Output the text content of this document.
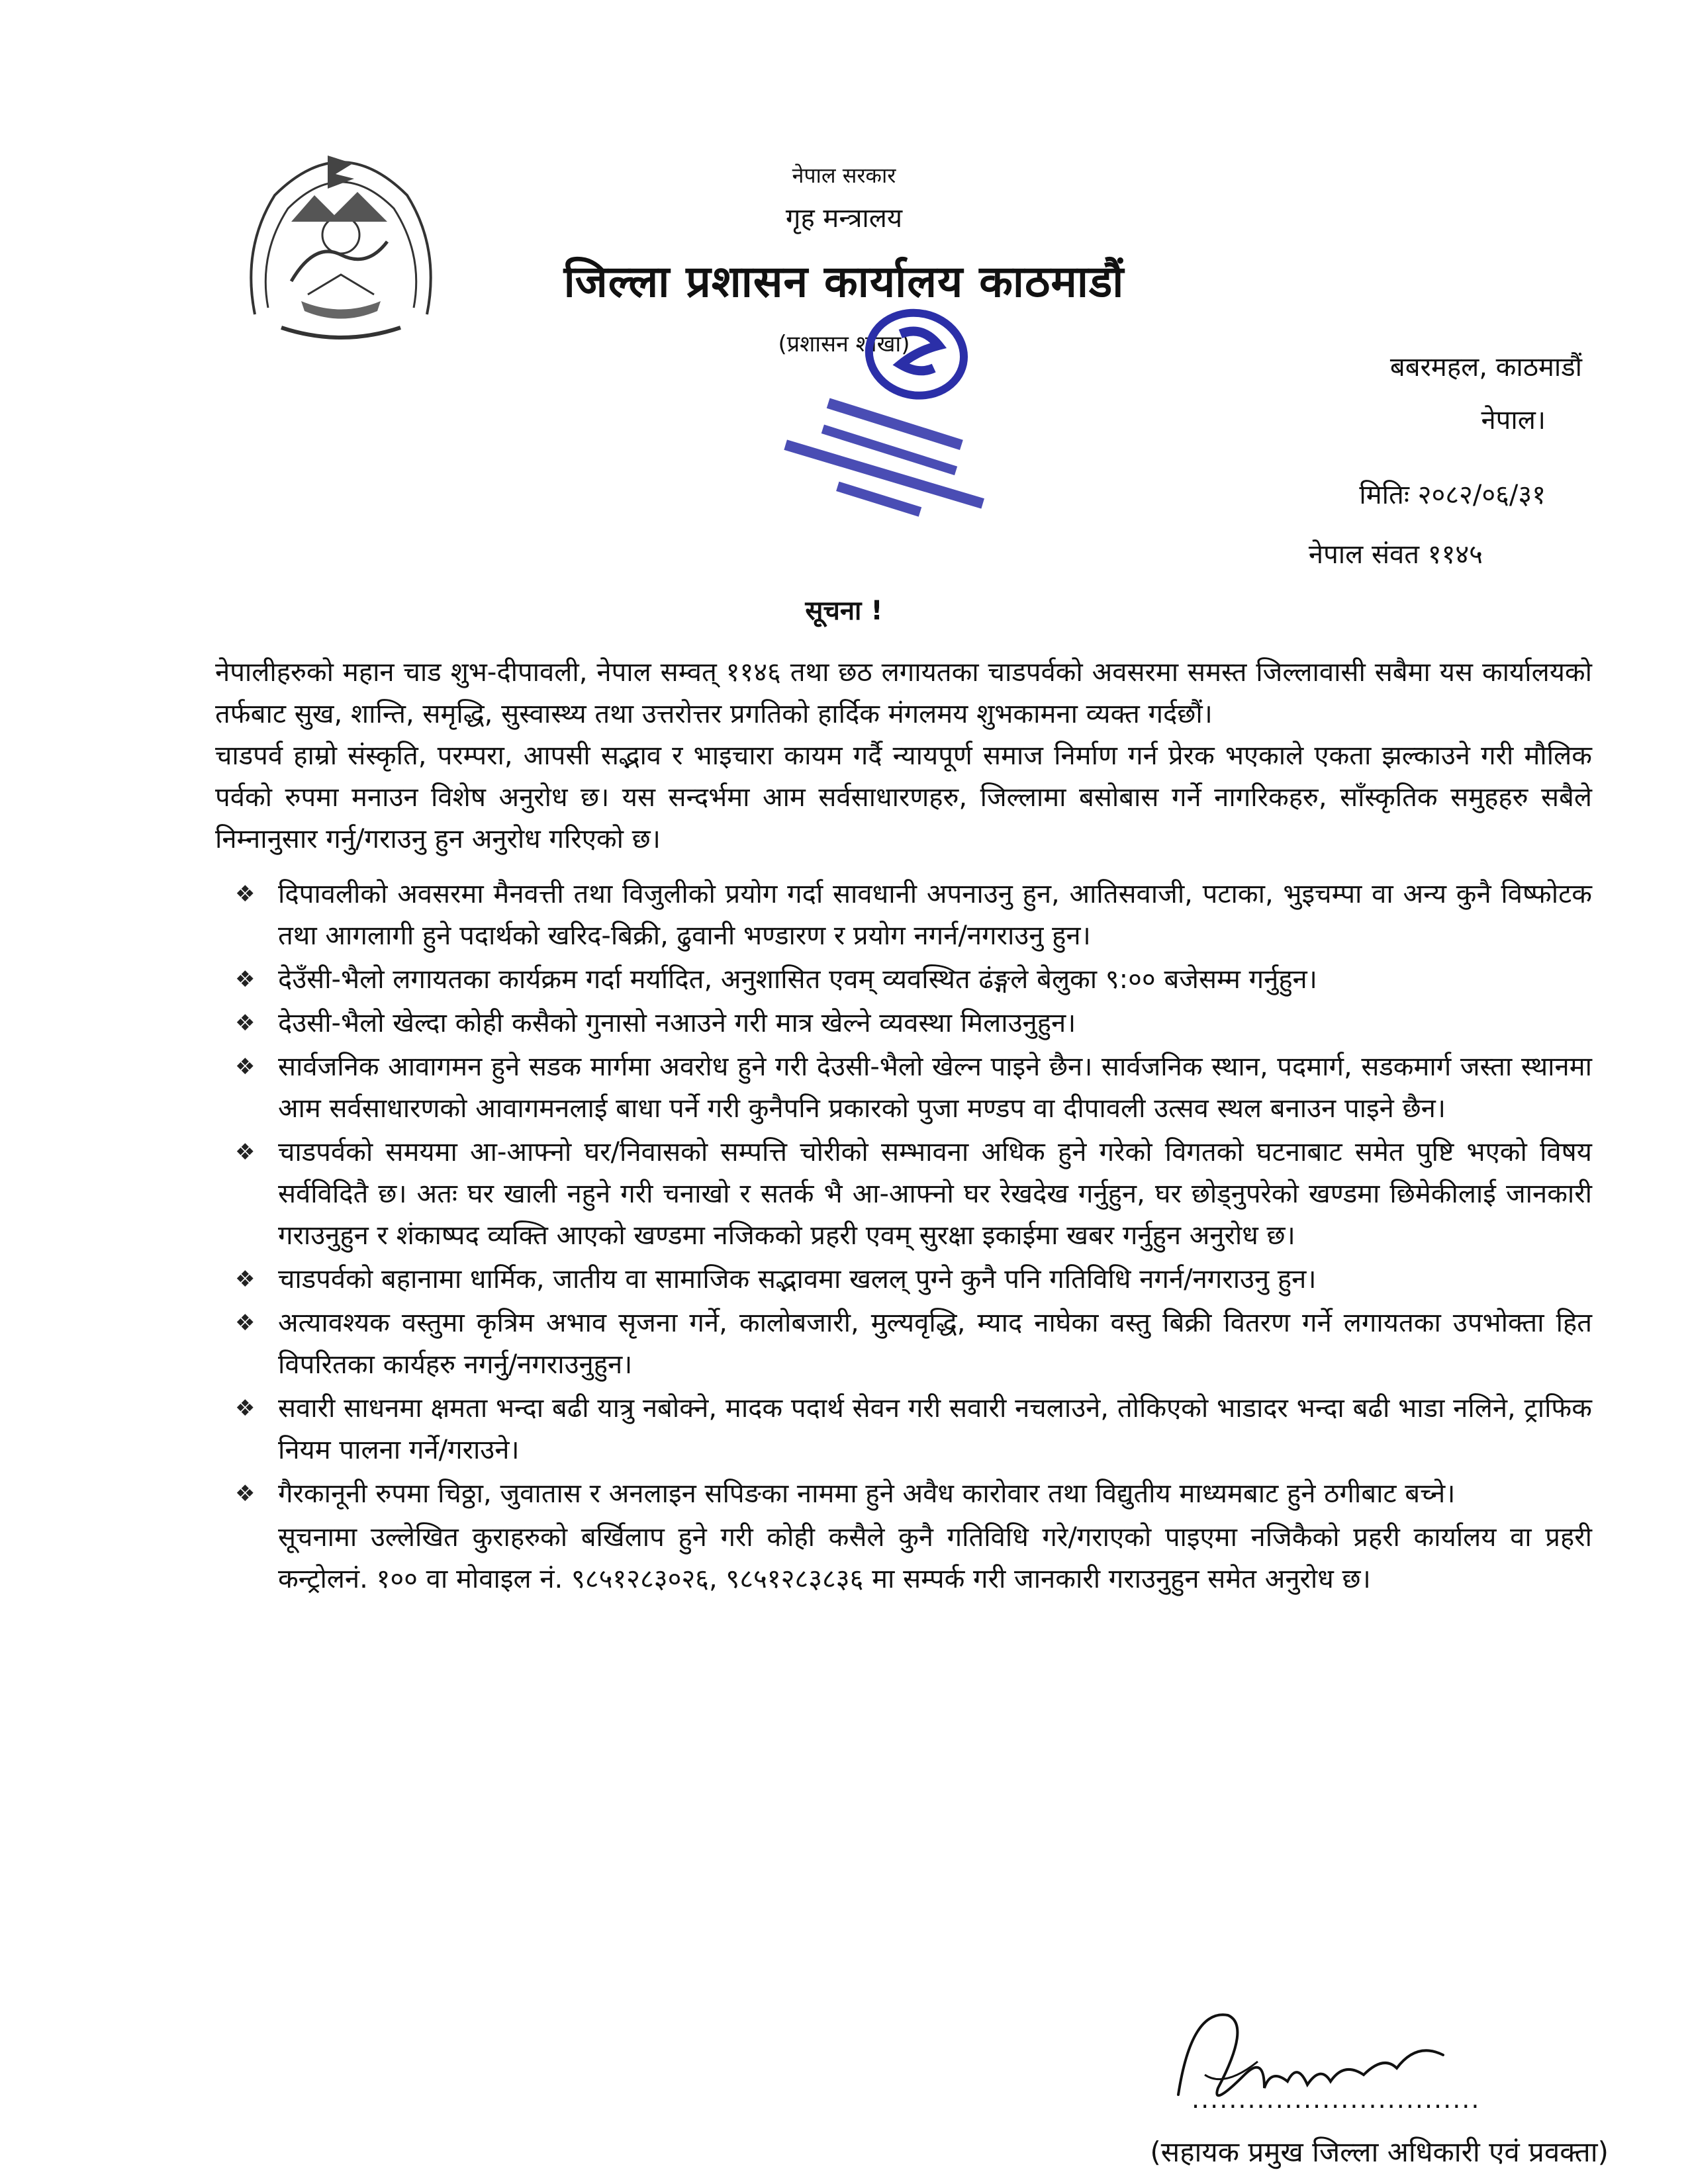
नेपाल सरकार
गृह मन्त्रालय
जिल्ला प्रशासन कार्यालय काठमाडौं
(प्रशासन शाखा)
बबरमहल, काठमाडौं
नेपाल।
मितिः २०८२/०६/३१
नेपाल संवत ११४५
सूचना !

नेपालीहरुको महान चाड शुभ-दीपावली, नेपाल सम्वत् ११४६ तथा छठ लगायतका चाडपर्वको अवसरमा समस्त जिल्लावासी सबैमा यस कार्यालयको तर्फबाट सुख, शान्ति, समृद्धि, सुस्वास्थ्य तथा उत्तरोत्तर प्रगतिको हार्दिक मंगलमय शुभकामना व्यक्त गर्दछौं।

चाडपर्व हाम्रो संस्कृति, परम्परा, आपसी सद्भाव र भाइचारा कायम गर्दै न्यायपूर्ण समाज निर्माण गर्न प्रेरक भएकाले एकता झल्काउने गरी मौलिक पर्वको रुपमा मनाउन विशेष अनुरोध छ। यस सन्दर्भमा आम सर्वसाधारणहरु, जिल्लामा बसोबास गर्ने नागरिकहरु, साँस्कृतिक समुहहरु सबैले निम्नानुसार गर्नु/गराउनु हुन अनुरोध गरिएको छ।

❖ दिपावलीको अवसरमा मैनवत्ती तथा विजुलीको प्रयोग गर्दा सावधानी अपनाउनु हुन, आतिसवाजी, पटाका, भुइचम्पा वा अन्य कुनै विष्फोटक तथा आगलागी हुने पदार्थको खरिद-बिक्री, ढुवानी भण्डारण र प्रयोग नगर्न/नगराउनु हुन।
❖ देउँसी-भैलो लगायतका कार्यक्रम गर्दा मर्यादित, अनुशासित एवम् व्यवस्थित ढंङ्गले बेलुका ९:०० बजेसम्म गर्नुहुन।
❖ देउसी-भैलो खेल्दा कोही कसैको गुनासो नआउने गरी मात्र खेल्ने व्यवस्था मिलाउनुहुन।
❖ सार्वजनिक आवागमन हुने सडक मार्गमा अवरोध हुने गरी देउसी-भैलो खेल्न पाइने छैन। सार्वजनिक स्थान, पदमार्ग, सडकमार्ग जस्ता स्थानमा आम सर्वसाधारणको आवागमनलाई बाधा पर्ने गरी कुनैपनि प्रकारको पुजा मण्डप वा दीपावली उत्सव स्थल बनाउन पाइने छैन।
❖ चाडपर्वको समयमा आ-आफ्नो घर/निवासको सम्पत्ति चोरीको सम्भावना अधिक हुने गरेको विगतको घटनाबाट समेत पुष्टि भएको विषय सर्वविदितै छ। अतः घर खाली नहुने गरी चनाखो र सतर्क भै आ-आफ्नो घर रेखदेख गर्नुहुन, घर छोड्नुपरेको खण्डमा छिमेकीलाई जानकारी गराउनुहुन र शंकाष्पद व्यक्ति आएको खण्डमा नजिकको प्रहरी एवम् सुरक्षा इकाईमा खबर गर्नुहुन अनुरोध छ।
❖ चाडपर्वको बहानामा धार्मिक, जातीय वा सामाजिक सद्भावमा खलल् पुग्ने कुनै पनि गतिविधि नगर्न/नगराउनु हुन।
❖ अत्यावश्यक वस्तुमा कृत्रिम अभाव सृजना गर्ने, कालोबजारी, मुल्यवृद्धि, म्याद नाघेका वस्तु बिक्री वितरण गर्ने लगायतका उपभोक्ता हित विपरितका कार्यहरु नगर्नु/नगराउनुहुन।
❖ सवारी साधनमा क्षमता भन्दा बढी यात्रु नबोक्ने, मादक पदार्थ सेवन गरी सवारी नचलाउने, तोकिएको भाडादर भन्दा बढी भाडा नलिने, ट्राफिक नियम पालना गर्ने/गराउने।
❖ गैरकानूनी रुपमा चिठ्ठा, जुवातास र अनलाइन सपिङका नाममा हुने अवैध कारोवार तथा विद्युतीय माध्यमबाट हुने ठगीबाट बच्ने।

सूचनामा उल्लेखित कुराहरुको बर्खिलाप हुने गरी कोही कसैले कुनै गतिविधि गरे/गराएको पाइएमा नजिकैको प्रहरी कार्यालय वा प्रहरी कन्ट्रोलनं. १०० वा मोवाइल नं. ९८५१२८३०२६, ९८५१२८३८३६ मा सम्पर्क गरी जानकारी गराउनुहुन समेत अनुरोध छ।

...............................
(सहायक प्रमुख जिल्ला अधिकारी एवं प्रवक्ता)
